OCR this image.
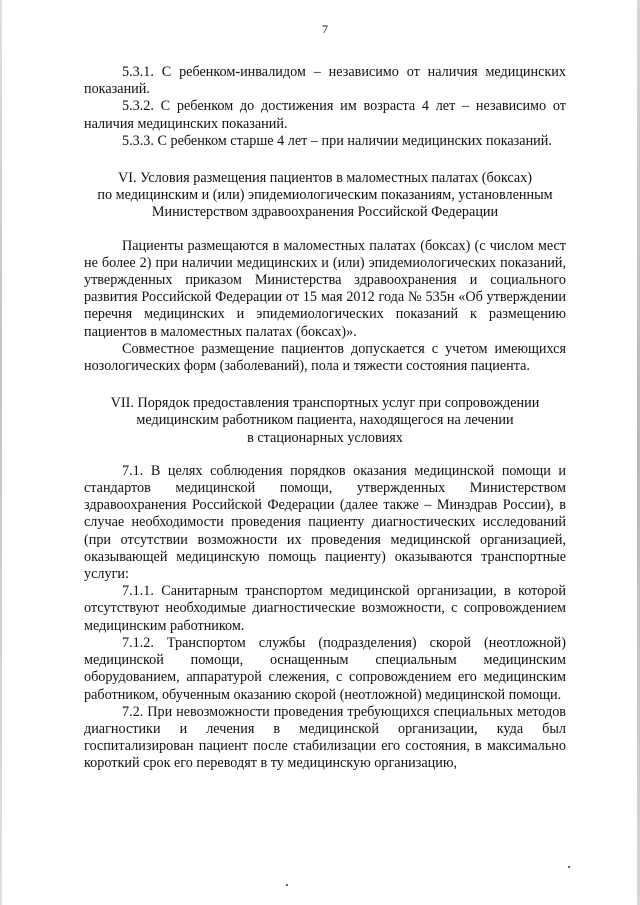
7

5.3.1. С ребенком-инвалидом – независимо от наличия медицинских показаний.

5.3.2. С ребенком до достижения им возраста 4 лет – независимо от наличия медицинских показаний.

5.3.3. С ребенком старше 4 лет – при наличии медицинских показаний.

VI. Условия размещения пациентов в маломестных палатах (боксах)

по медицинским и (или) эпидемиологическим показаниям, установленным

Министерством здравоохранения Российской Федерации

Пациенты размещаются в маломестных палатах (боксах) (с числом мест не более 2) при наличии медицинских и (или) эпидемиологических показаний, утвержденных приказом Министерства здравоохранения и социального развития Российской Федерации от 15 мая 2012 года № 535н «Об утверждении перечня медицинских и эпидемиологических показаний к размещению пациентов в маломестных палатах (боксах)».

Совместное размещение пациентов допускается с учетом имеющихся нозологических форм (заболеваний), пола и тяжести состояния пациента.

VII. Порядок предоставления транспортных услуг при сопровождении

медицинским работником пациента, находящегося на лечении

в стационарных условиях

7.1. В целях соблюдения порядков оказания медицинской помощи и стандартов медицинской помощи, утвержденных Министерством здравоохранения Российской Федерации (далее также – Минздрав России), в случае необходимости проведения пациенту диагностических исследований (при отсутствии возможности их проведения медицинской организацией, оказывающей медицинскую помощь пациенту) оказываются транспортные услуги:

7.1.1. Санитарным транспортом медицинской организации, в которой отсутствуют необходимые диагностические возможности, с сопровождением медицинским работником.

7.1.2. Транспортом службы (подразделения) скорой (неотложной) медицинской помощи, оснащенным специальным медицинским оборудованием, аппаратурой слежения, с сопровождением его медицинским работником, обученным оказанию скорой (неотложной) медицинской помощи.

7.2. При невозможности проведения требующихся специальных методов диагностики и лечения в медицинской организации, куда был госпитализирован пациент после стабилизации его состояния, в максимально короткий срок его переводят в ту медицинскую организацию,
